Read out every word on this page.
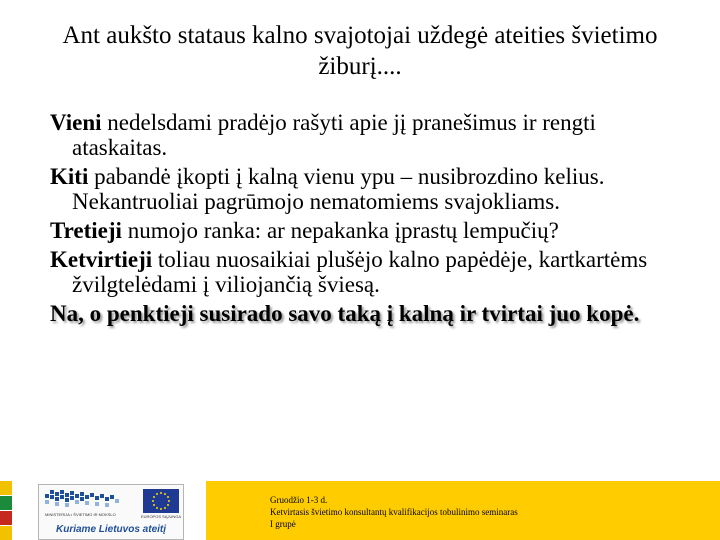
Ant aukšto stataus kalno svajotojai uždegė ateities švietimo žiburį....

Vieni nedelsdami pradėjo rašyti apie jį pranešimus ir rengti ataskaitas.

Kiti pabandė įkopti į kalną vienu ypu – nusibrozdino kelius. Nekantruoliai pagrūmojo nematomiems svajokliams.

Tretieji numojo ranka: ar nepakanka įprastų lempučių?

Ketvirtieji toliau nuosaikiai plušėjo kalno papėdėje, kartkartėms žvilgtelėdami į viliojančią šviesą.

Na, o penktieji susirado savo taką į kalną ir tvirtai juo kopė.

MINISTERIJA • ŠVIETIMO IR MOKSLO	EUROPOS SĄJUNGA
Kuriame Lietuvos ateitį
Gruodžio 1-3 d.
Ketvirtasis švietimo konsultantų kvalifikacijos tobulinimo seminaras
I grupė
